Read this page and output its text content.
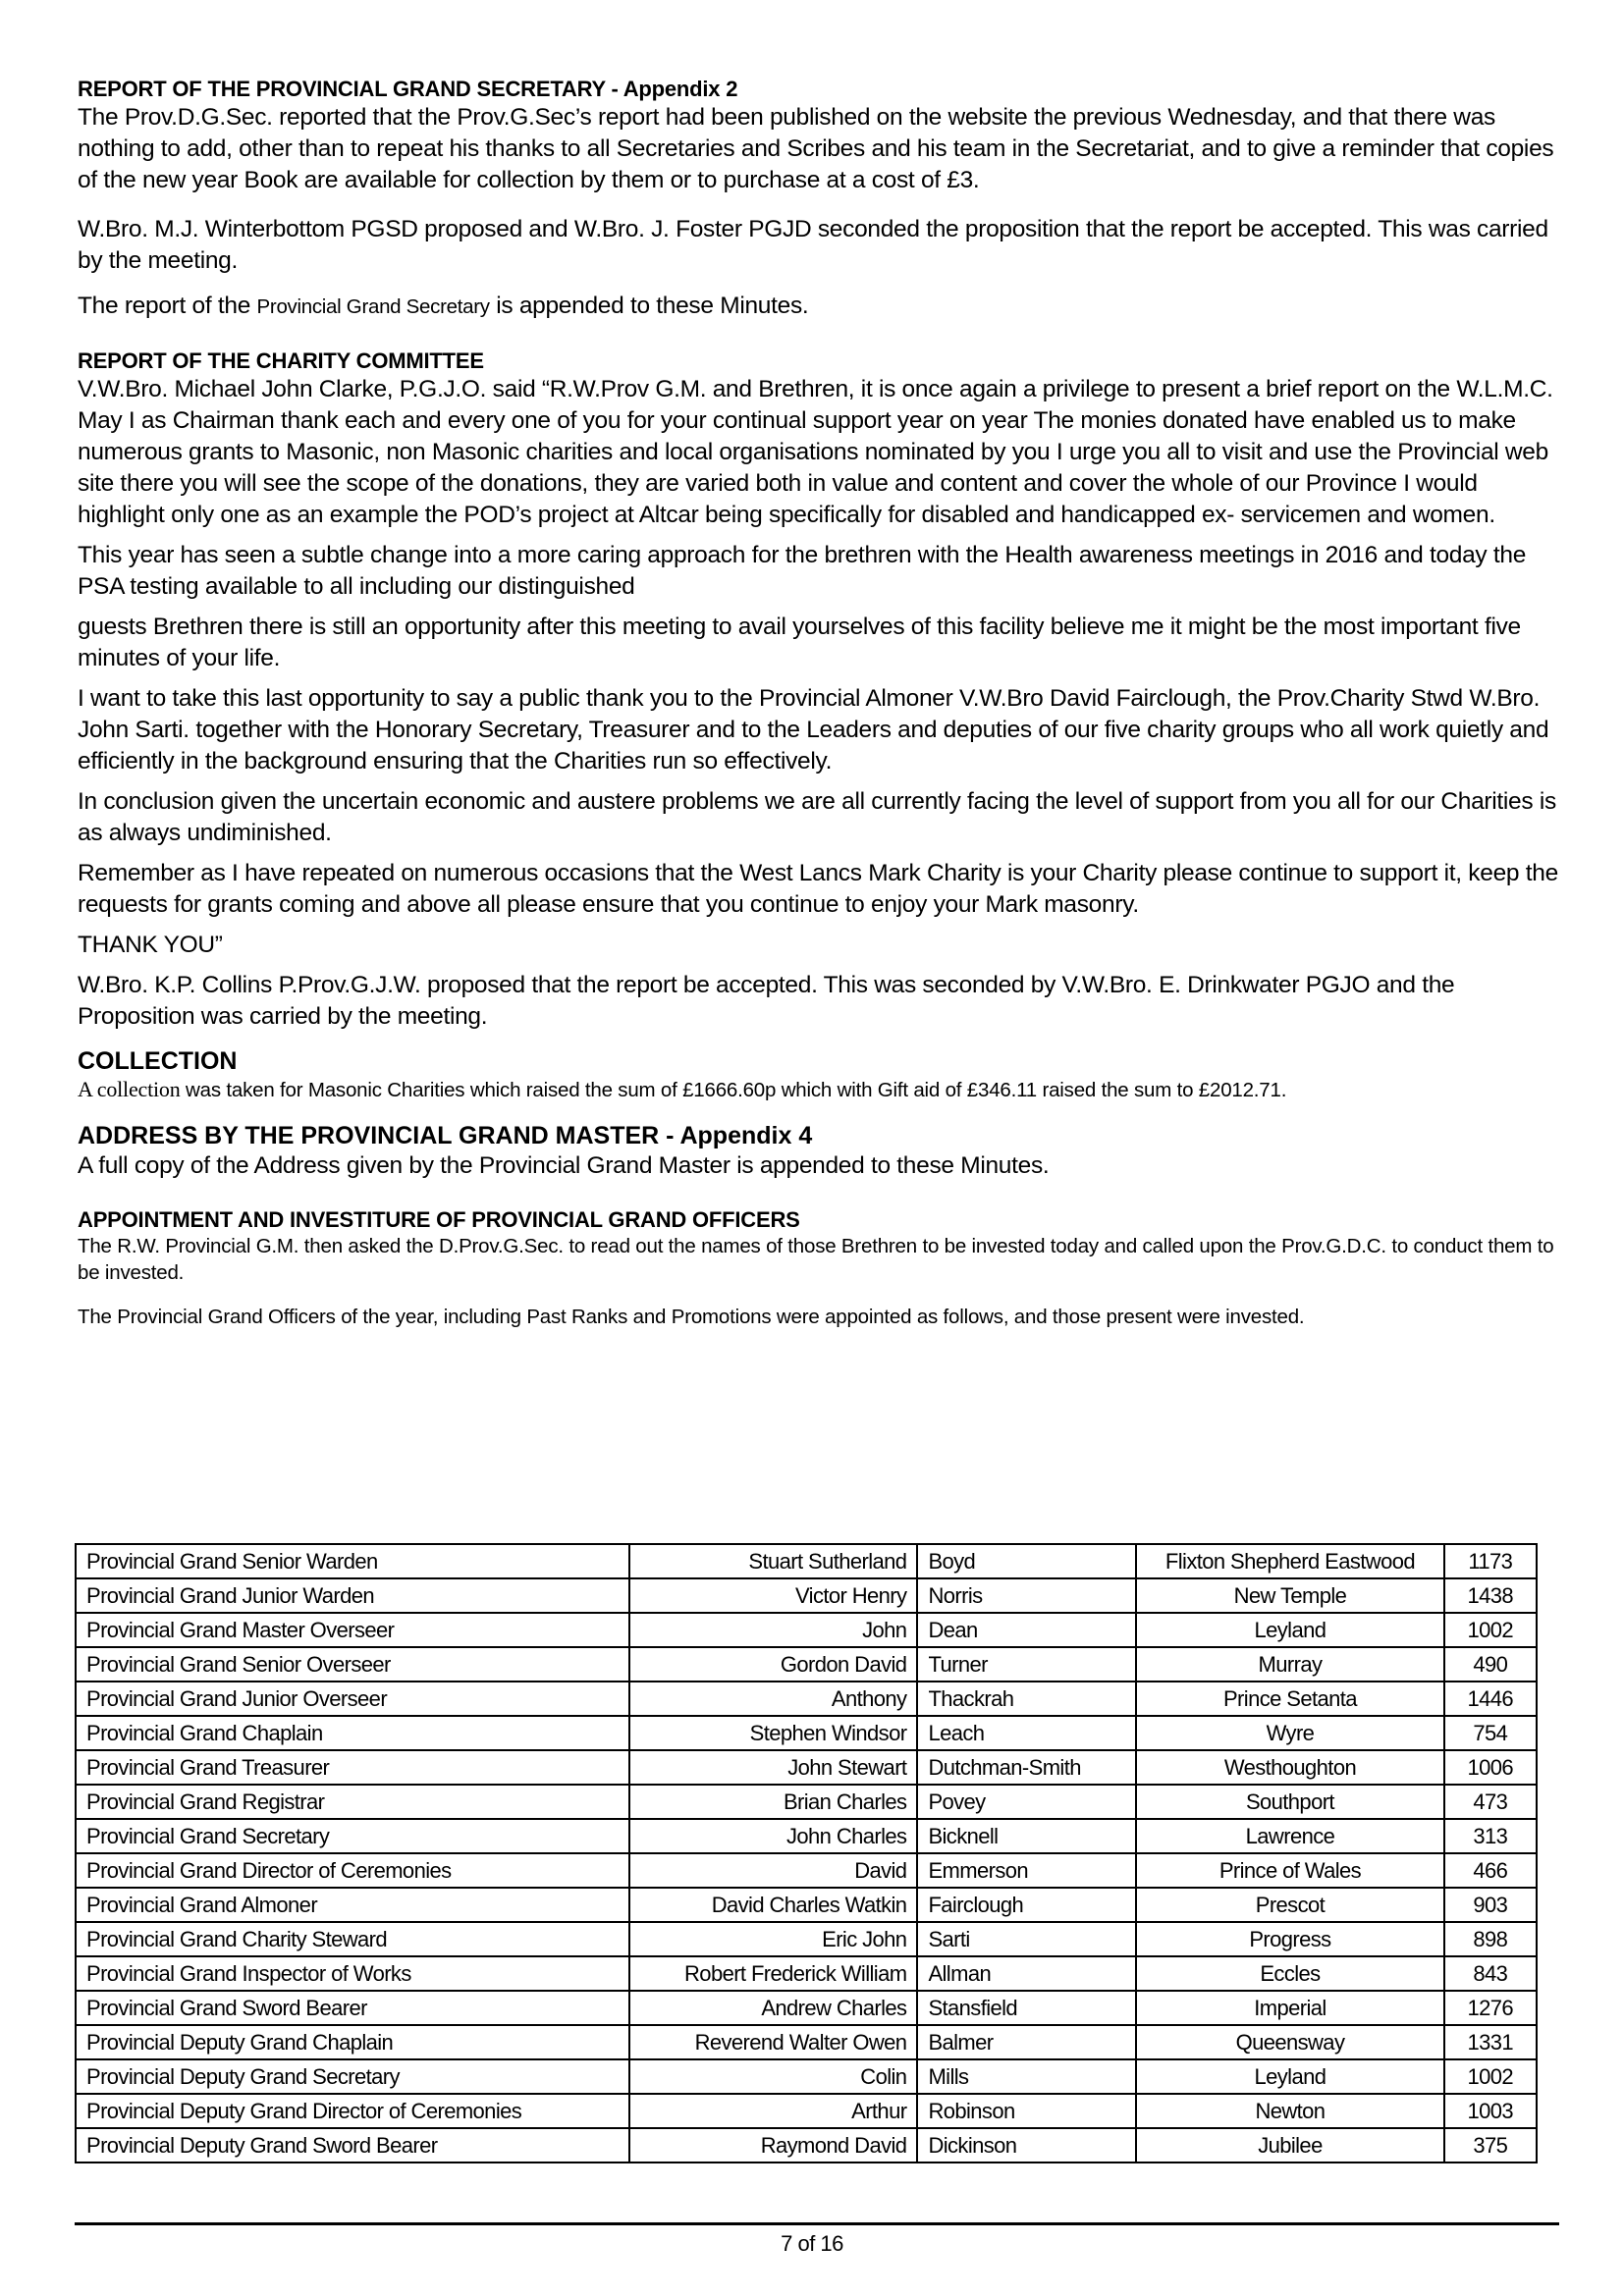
REPORT OF THE PROVINCIAL GRAND SECRETARY - Appendix 2

The Prov.D.G.Sec. reported that the Prov.G.Sec’s report had been published on the website the previous Wednesday, and that there was nothing to add, other than to repeat his thanks to all Secretaries and Scribes and his team in the Secretariat, and to give a reminder that copies of the new year Book are available for collection by them or to purchase at a cost of £3.

W.Bro. M.J. Winterbottom PGSD proposed and W.Bro. J. Foster PGJD seconded the proposition that the report be accepted. This was carried by the meeting.

The report of the Provincial Grand Secretary is appended to these Minutes.

REPORT OF THE CHARITY COMMITTEE

V.W.Bro. Michael John Clarke, P.G.J.O. said “R.W.Prov G.M. and Brethren, it is once again a privilege to present a brief report on the W.L.M.C. May I as Chairman thank each and every one of you for your continual support year on year The monies donated have enabled us to make numerous grants to Masonic, non Masonic charities and local organisations nominated by you I urge you all to visit and use the Provincial web site there you will see the scope of the donations, they are varied both in value and content and cover the whole of our Province I would highlight only one as an example the POD’s project at Altcar being specifically for disabled and handicapped ex- servicemen and women.

This year has seen a subtle change into a more caring approach for the brethren with the Health awareness meetings in 2016 and today the PSA testing available to all including our distinguished

guests Brethren there is still an opportunity after this meeting to avail yourselves of this facility believe me it might be the most important five minutes of your life.

I want to take this last opportunity to say a public thank you to the Provincial Almoner V.W.Bro David Fairclough, the Prov.Charity Stwd W.Bro. John Sarti. together with the Honorary Secretary, Treasurer and to the Leaders and deputies of our five charity groups who all work quietly and efficiently in the background ensuring that the Charities run so effectively.

In conclusion given the uncertain economic and austere problems we are all currently facing the level of support from you all for our Charities is as always undiminished.

Remember as I have repeated on numerous occasions that the West Lancs Mark Charity is your Charity please continue to support it, keep the requests for grants coming and above all please ensure that you continue to enjoy your Mark masonry.

THANK YOU”

W.Bro. K.P. Collins P.Prov.G.J.W. proposed that the report be accepted. This was seconded by V.W.Bro. E. Drinkwater PGJO and the Proposition was carried by the meeting.

COLLECTION

A collection was taken for Masonic Charities which raised the sum of £1666.60p which with Gift aid of £346.11 raised the sum to £2012.71.

ADDRESS BY THE PROVINCIAL GRAND MASTER - Appendix 4

A full copy of the Address given by the Provincial Grand Master is appended to these Minutes.

APPOINTMENT AND INVESTITURE OF PROVINCIAL GRAND OFFICERS

The R.W. Provincial G.M. then asked the D.Prov.G.Sec. to read out the names of those Brethren to be invested today and called upon the Prov.G.D.C. to conduct them to be invested.

The Provincial Grand Officers of the year, including Past Ranks and Promotions were appointed as follows, and those present were invested.

Provincial Grand Senior Warden	Stuart Sutherland	Boyd	Flixton Shepherd Eastwood	1173
Provincial Grand Junior Warden	Victor Henry	Norris	New Temple	1438
Provincial Grand Master Overseer	John	Dean	Leyland	1002
Provincial Grand Senior Overseer	Gordon David	Turner	Murray	490
Provincial Grand Junior Overseer	Anthony	Thackrah	Prince Setanta	1446
Provincial Grand Chaplain	Stephen Windsor	Leach	Wyre	754
Provincial Grand Treasurer	John Stewart	Dutchman-Smith	Westhoughton	1006
Provincial Grand Registrar	Brian Charles	Povey	Southport	473
Provincial Grand Secretary	John Charles	Bicknell	Lawrence	313
Provincial Grand Director of Ceremonies	David	Emmerson	Prince of Wales	466
Provincial Grand Almoner	David Charles Watkin	Fairclough	Prescot	903
Provincial Grand Charity Steward	Eric John	Sarti	Progress	898
Provincial Grand Inspector of Works	Robert Frederick William	Allman	Eccles	843
Provincial Grand Sword Bearer	Andrew Charles	Stansfield	Imperial	1276
Provincial Deputy Grand Chaplain	Reverend Walter Owen	Balmer	Queensway	1331
Provincial Deputy Grand Secretary	Colin	Mills	Leyland	1002
Provincial Deputy Grand Director of Ceremonies	Arthur	Robinson	Newton	1003
Provincial Deputy Grand Sword Bearer	Raymond David	Dickinson	Jubilee	375
7 of 16
